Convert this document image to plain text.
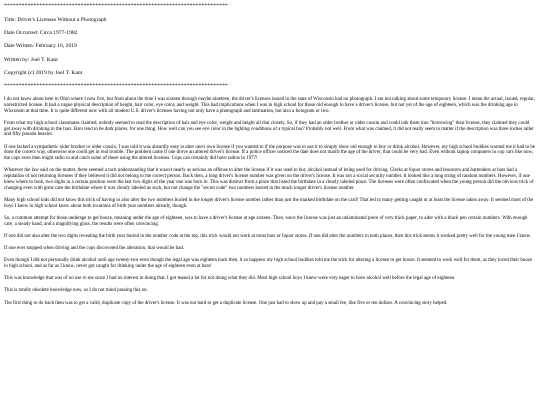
****************************************************************************

Title: Driver's Licenses Without a Photograph

Date Occurred: Circa 1977-1982

Date Written: February 16, 2019

Written by: Joel T. Kant

Copyright (c) 2019 by Joel T. Kant

****************************************************************************

I do not know about here in Ohio where I now live, but from about the time I was sixteen through maybe nineteen, the driver's licenses issued in the state of Wisconsin had no photograph. I am not talking about some temporary license. I mean the actual, issued, regular, unrestricted license. It had a vague physical description of height, hair color, eye color, and weight. This had implications when I was in high school for those old enough to have a driver's license, but not yet of the age of eighteen, which was the drinking age in Wisconsin at that time. It is quite different now with all modern U.S. driver's licenses having not only have a photograph and lamination, but also a hologram or two.

From what my high school classmates claimed, nobody seemed to read the description of hair and eye color, weight and height all that closely. So, if they had an older brother or older cousin and could talk them into "borrowing" their license, they claimed they could get away with drinking in the bars. Bars tend to be dark places, for one thing. How well can you see eye color in the lighting conditions of a typical bar? Probably not well. From what was claimed, it did not really seem to matter if the description was three inches taller and fifty pounds heavier.

If one lacked a sympathetic older brother or older cousin, I was told it was absurdly easy to alter one's own license if you wanted to if the purpose was to use it to simply show old enough to buy or drink alcohol. However, my high school buddies warned me it had to be done the correct way, otherwise one could get in real trouble. The problem came if one drove an altered driver's license. If a police officer noticed the date does not match the age of the driver, that could be very bad. Even without laptop computers in cop cars like now, the cops even then might radio in and catch some of those using the altered licenses. Cops can certainly did have radios in 1977!

Whatever the law said on the matter, there seemed a tacit understanding that it wasn't nearly as serious an offense to alter the license if it was used to buy alcohol instead of being used for driving. Clerks at liquor stores and bouncers and bartenders at bars had a reputation of not returning licenses if they believed it did not belong to the correct person. Back then, a long driver's license number was given on the driver's license. It was not a social security number. It looked like a long string of random numbers. However, if one knew where to look, two digits in a certain position were the last two digits of the year one was born in. This was distinct from a place that listed the birthdate in a clearly labeled place. The licenses were often confiscated when the young person did the obvious trick of changing even with great care the birthdate where it was clearly labeled as such, but not change the "secret code" two numbers buried in the much longer driver's license number.

Many high school kids did not know this trick of having to also alter the two numbers buried in the longer driver's license number rather than just the marked birthdate on the card! That led to many getting caught or at least the license taken away. It seemed most of the boys I knew in high school knew about both locations of birth year numbers already, though.

So, a common attempt for those underage to get booze, meaning under the age of eighteen, was to have a driver's license at age sixteen. Then, since the license was just an unlaminated piece of very thick paper, to alter with a black pen certain numbers. With enough care, a steady hand, and a magnifying glass, the results were often convincing.

If one did not also alter the two digits revealing the birth year buried in the number code at the top, this trick would not work at most bars or liquor stores. If one did alter the numbers in both places, then this trick seems it worked pretty well for the young men I knew.

If one ever stopped when driving and the cops discovered the alteration, that would be bad.

Even though I did not personally drink alcohol until age twenty-two even though the legal age was eighteen back then, it so happens my high school buddies told me the trick for altering a license to get booze. It seemed to work well for them, as they loved their booze in high school, and as far as I know, never got caught for drinking under the age of eighteen even at bars!

This was knowledge that was of no use to me since I had no interest in doing that. I got teased a lot for not doing what they did. Most high school boys I knew were very eager to have alcohol well before the legal age of eighteen.

This is totally obsolete knowledge now, so I do not mind passing this on.

The first thing to do back then was to get a valid, duplicate copy of the driver's license. It was not hard to get a duplicate license. One just had to show up and pay a small fee, like five or ten dollars. A convincing story helped.
